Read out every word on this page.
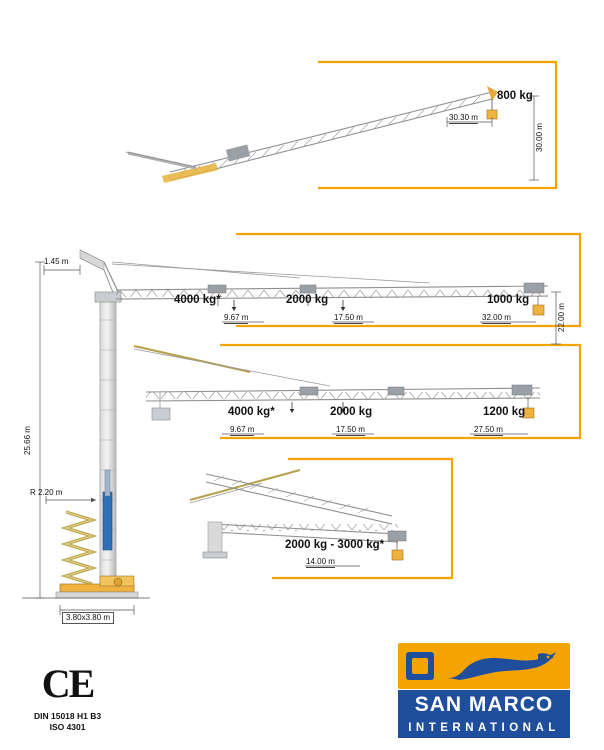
800 kg
30.30 m
30.00 m
4000 kg*
9.67 m
2000 kg
17.50 m
1000 kg
32.00 m	22.00 m
4000 kg*
9.67 m
2000 kg
17.50 m
1200 kg
27.50 m
2000 kg - 3000 kg*
14.00 m
1.45 m
25.66 m
R 2.20 m
3.80x3.80 m
CE
DIN 15018 H1 B3
ISO 4301
SAN MARCO
INTERNATIONAL
